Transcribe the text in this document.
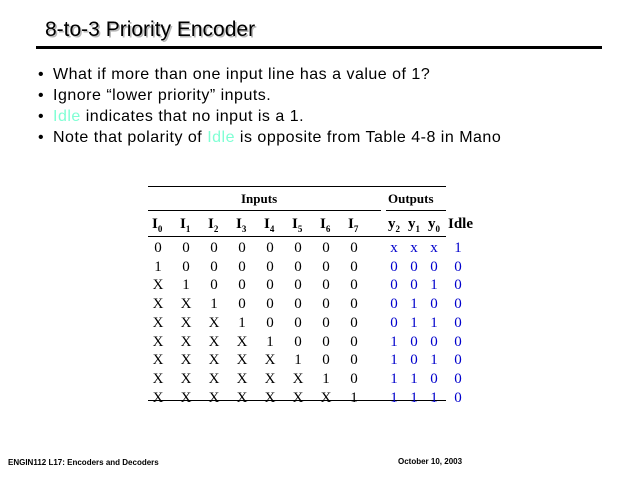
8-to-3 Priority Encoder
• What if more than one input line has a value of 1?
• Ignore “lower priority” inputs.
• Idle indicates that no input is a 1.
• Note that polarity of Idle is opposite from Table 4-8 in Mano
Inputs	Outputs
$I_0$ $I_1$ $I_2$ $I_3$ $I_4$ $I_5$ $I_6$ $I_7$ $y_2$ $y_1$ $y_0$ Idle
0	0	0	0	0	0	0	0	x x x	1
1	0	0	0	0	0	0	0	0 0 0	0
X	1	0	0	0	0	0	0	0 0 1	0
X	X	1	0	0	0	0	0	0 1 0	0
X	X	X	1	0	0	0	0	0 1 1	0
X	X	X	X	1	0	0	0	1 0 0	0
X	X	X	X	X	1	0	0	1 0 1	0
X	X	X	X	X	X	1	0	1 1 0	0
X	X	X	X	X	X	X	1	1 1 1	0
ENGIN112 L17: Encoders and Decoders	October 10, 2003
